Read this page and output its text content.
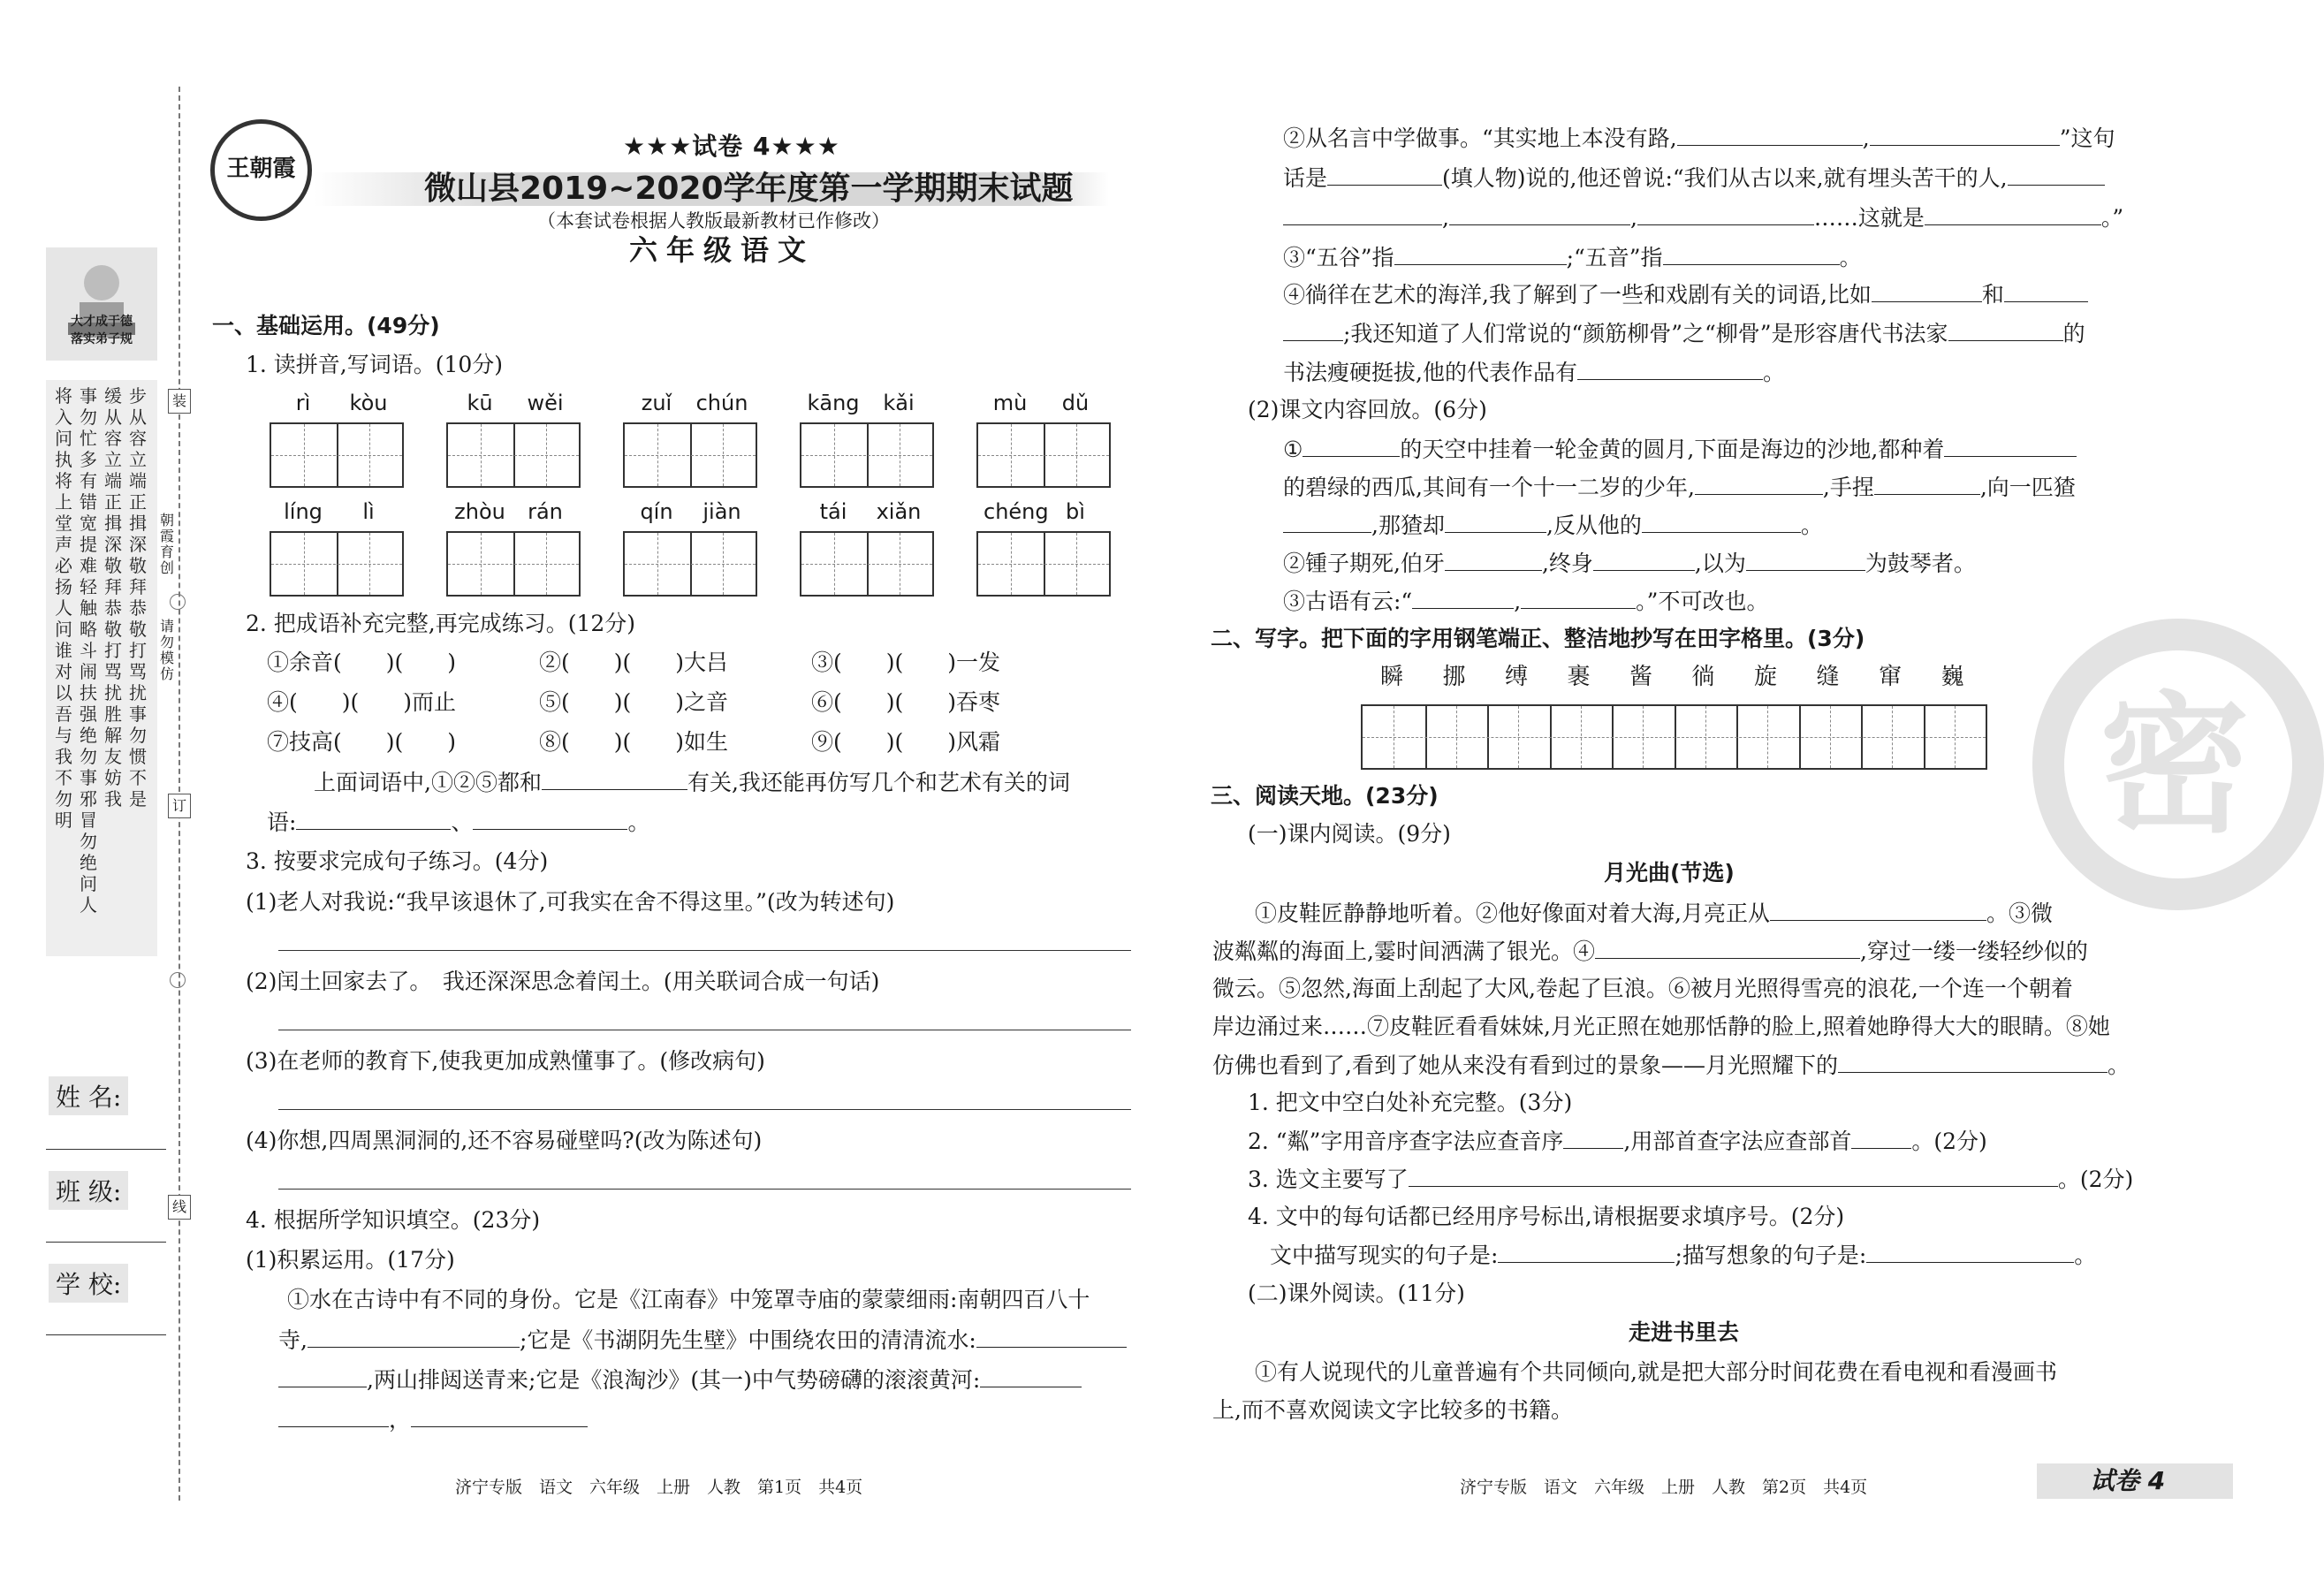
大才成于德
落实弟子规
将入问执将上堂声必扬人问谁对以吾与我不勿明
事勿忙多有错宽提难轻触略斗闹扶强绝勿事邪冒勿绝问人
缓从容立端正揖深敬拜恭敬打骂扰胜解友妨我
步从容立端正揖深敬拜恭敬打骂扰事勿惯不是
装
订
线
朝霞育创
请勿模仿
姓 名:
班 级:
学 校:
王朝霞
★★★试卷 4★★★
微山县2019~2020学年度第一学期期末试题
（本套试卷根据人教版最新教材已作修改）
六年级语文
一、基础运用。(49分)
1. 读拼音,写词语。(10分)
rì	kòu	kū	wěi	zuǐ	chún	kāng	kǎi	mù	dǔ
líng	lì	zhòu	rán	qín	jiàn	tái	xiǎn	chéng bì
2. 把成语补充完整,再完成练习。(12分)
①余音(　　)(　　)	②(　　)(　　)大吕	③(　　)(　　)一发
④(　　)(　　)而止	⑤(　　)(　　)之音	⑥(　　)(　　)吞枣
⑦技高(　　)(　　)	⑧(　　)(　　)如生	⑨(　　)(　　)风霜
上面词语中,①②⑤都和	有关,我还能再仿写几个和艺术有关的词
语:	、	。
3. 按要求完成句子练习。(4分)
(1)老人对我说:“我早该退休了,可我实在舍不得这里。”(改为转述句)
(2)闰土回家去了。　我还深深思念着闰土。(用关联词合成一句话)
(3)在老师的教育下,使我更加成熟懂事了。(修改病句)
(4)你想,四周黑洞洞的,还不容易碰壁吗?(改为陈述句)
4. 根据所学知识填空。(23分)
(1)积累运用。(17分)
①水在古诗中有不同的身份。它是《江南春》中笼罩寺庙的蒙蒙细雨:南朝四百八十
寺,	;它是《书湖阴先生壁》中围绕农田的清清流水:
,两山排闼送青来;它是《浪淘沙》(其一)中气势磅礴的滚滚黄河:
，
济宁专版　语文　六年级　上册　人教　第1页　共4页
密
②从名言中学做事。“其实地上本没有路,	,	”这句
话是	(填人物)说的,他还曾说:“我们从古以来,就有埋头苦干的人,
,	,	……这就是	。”
③“五谷”指	;“五音”指	。
④徜徉在艺术的海洋,我了解到了一些和戏剧有关的词语,比如	和
;我还知道了人们常说的“颜筋柳骨”之“柳骨”是形容唐代书法家	的
书法瘦硬挺拔,他的代表作品有	。
(2)课文内容回放。(6分)
①	的天空中挂着一轮金黄的圆月,下面是海边的沙地,都种着
的碧绿的西瓜,其间有一个十一二岁的少年,	,手捏	,向一匹猹
,那猹却	,反从他的	。
②锺子期死,伯牙	,终身	,以为	为鼓琴者。
③古语有云:“	,	。”不可改也。
二、写字。把下面的字用钢笔端正、整洁地抄写在田字格里。(3分)
瞬 挪 缚 裹 酱 徜 旋 缝 窜 巍
三、阅读天地。(23分)
(一)课内阅读。(9分)
月光曲(节选)
①皮鞋匠静静地听着。②他好像面对着大海,月亮正从	。③微
波粼粼的海面上,霎时间洒满了银光。④	,穿过一缕一缕轻纱似的
微云。⑤忽然,海面上刮起了大风,卷起了巨浪。⑥被月光照得雪亮的浪花,一个连一个朝着
岸边涌过来……⑦皮鞋匠看看妹妹,月光正照在她那恬静的脸上,照着她睁得大大的眼睛。⑧她
仿佛也看到了,看到了她从来没有看到过的景象——月光照耀下的	。
1. 把文中空白处补充完整。(3分)
2. “粼”字用音序查字法应查音序	,用部首查字法应查部首	。(2分)
3. 选文主要写了	。(2分)
4. 文中的每句话都已经用序号标出,请根据要求填序号。(2分)
文中描写现实的句子是:	;描写想象的句子是:	。
(二)课外阅读。(11分)
走进书里去
①有人说现代的儿童普遍有个共同倾向,就是把大部分时间花费在看电视和看漫画书
上,而不喜欢阅读文字比较多的书籍。
济宁专版　语文　六年级　上册　人教　第2页　共4页	试卷 4
